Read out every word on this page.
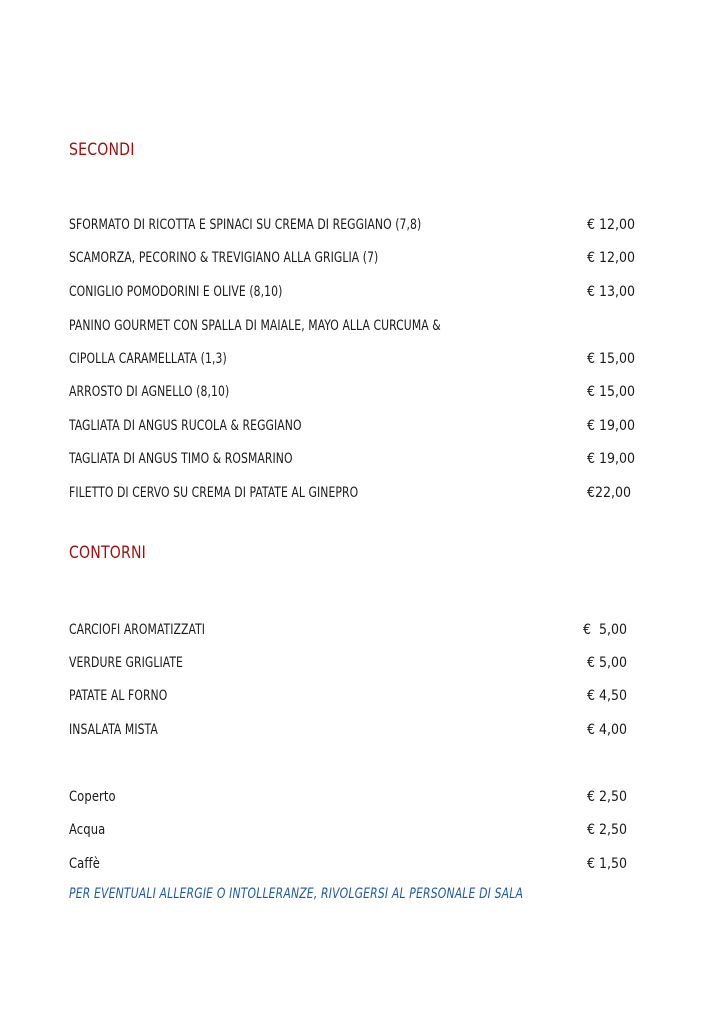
SECONDI
SFORMATO DI RICOTTA E SPINACI SU CREMA DI REGGIANO (7,8)	€ 12,00
SCAMORZA, PECORINO & TREVIGIANO ALLA GRIGLIA (7)	€ 12,00
CONIGLIO POMODORINI E OLIVE (8,10)	€ 13,00
PANINO GOURMET CON SPALLA DI MAIALE, MAYO ALLA CURCUMA &
CIPOLLA CARAMELLATA (1,3)	€ 15,00
ARROSTO DI AGNELLO (8,10)	€ 15,00
TAGLIATA DI ANGUS RUCOLA & REGGIANO	€ 19,00
TAGLIATA DI ANGUS TIMO & ROSMARINO	€ 19,00
FILETTO DI CERVO SU CREMA DI PATATE AL GINEPRO	€22,00
CONTORNI
CARCIOFI AROMATIZZATI	€  5,00
VERDURE GRIGLIATE	€ 5,00
PATATE AL FORNO	€ 4,50
INSALATA MISTA	€ 4,00
Coperto	€ 2,50
Acqua	€ 2,50
Caffè	€ 1,50
PER EVENTUALI ALLERGIE O INTOLLERANZE, RIVOLGERSI AL PERSONALE DI SALA
